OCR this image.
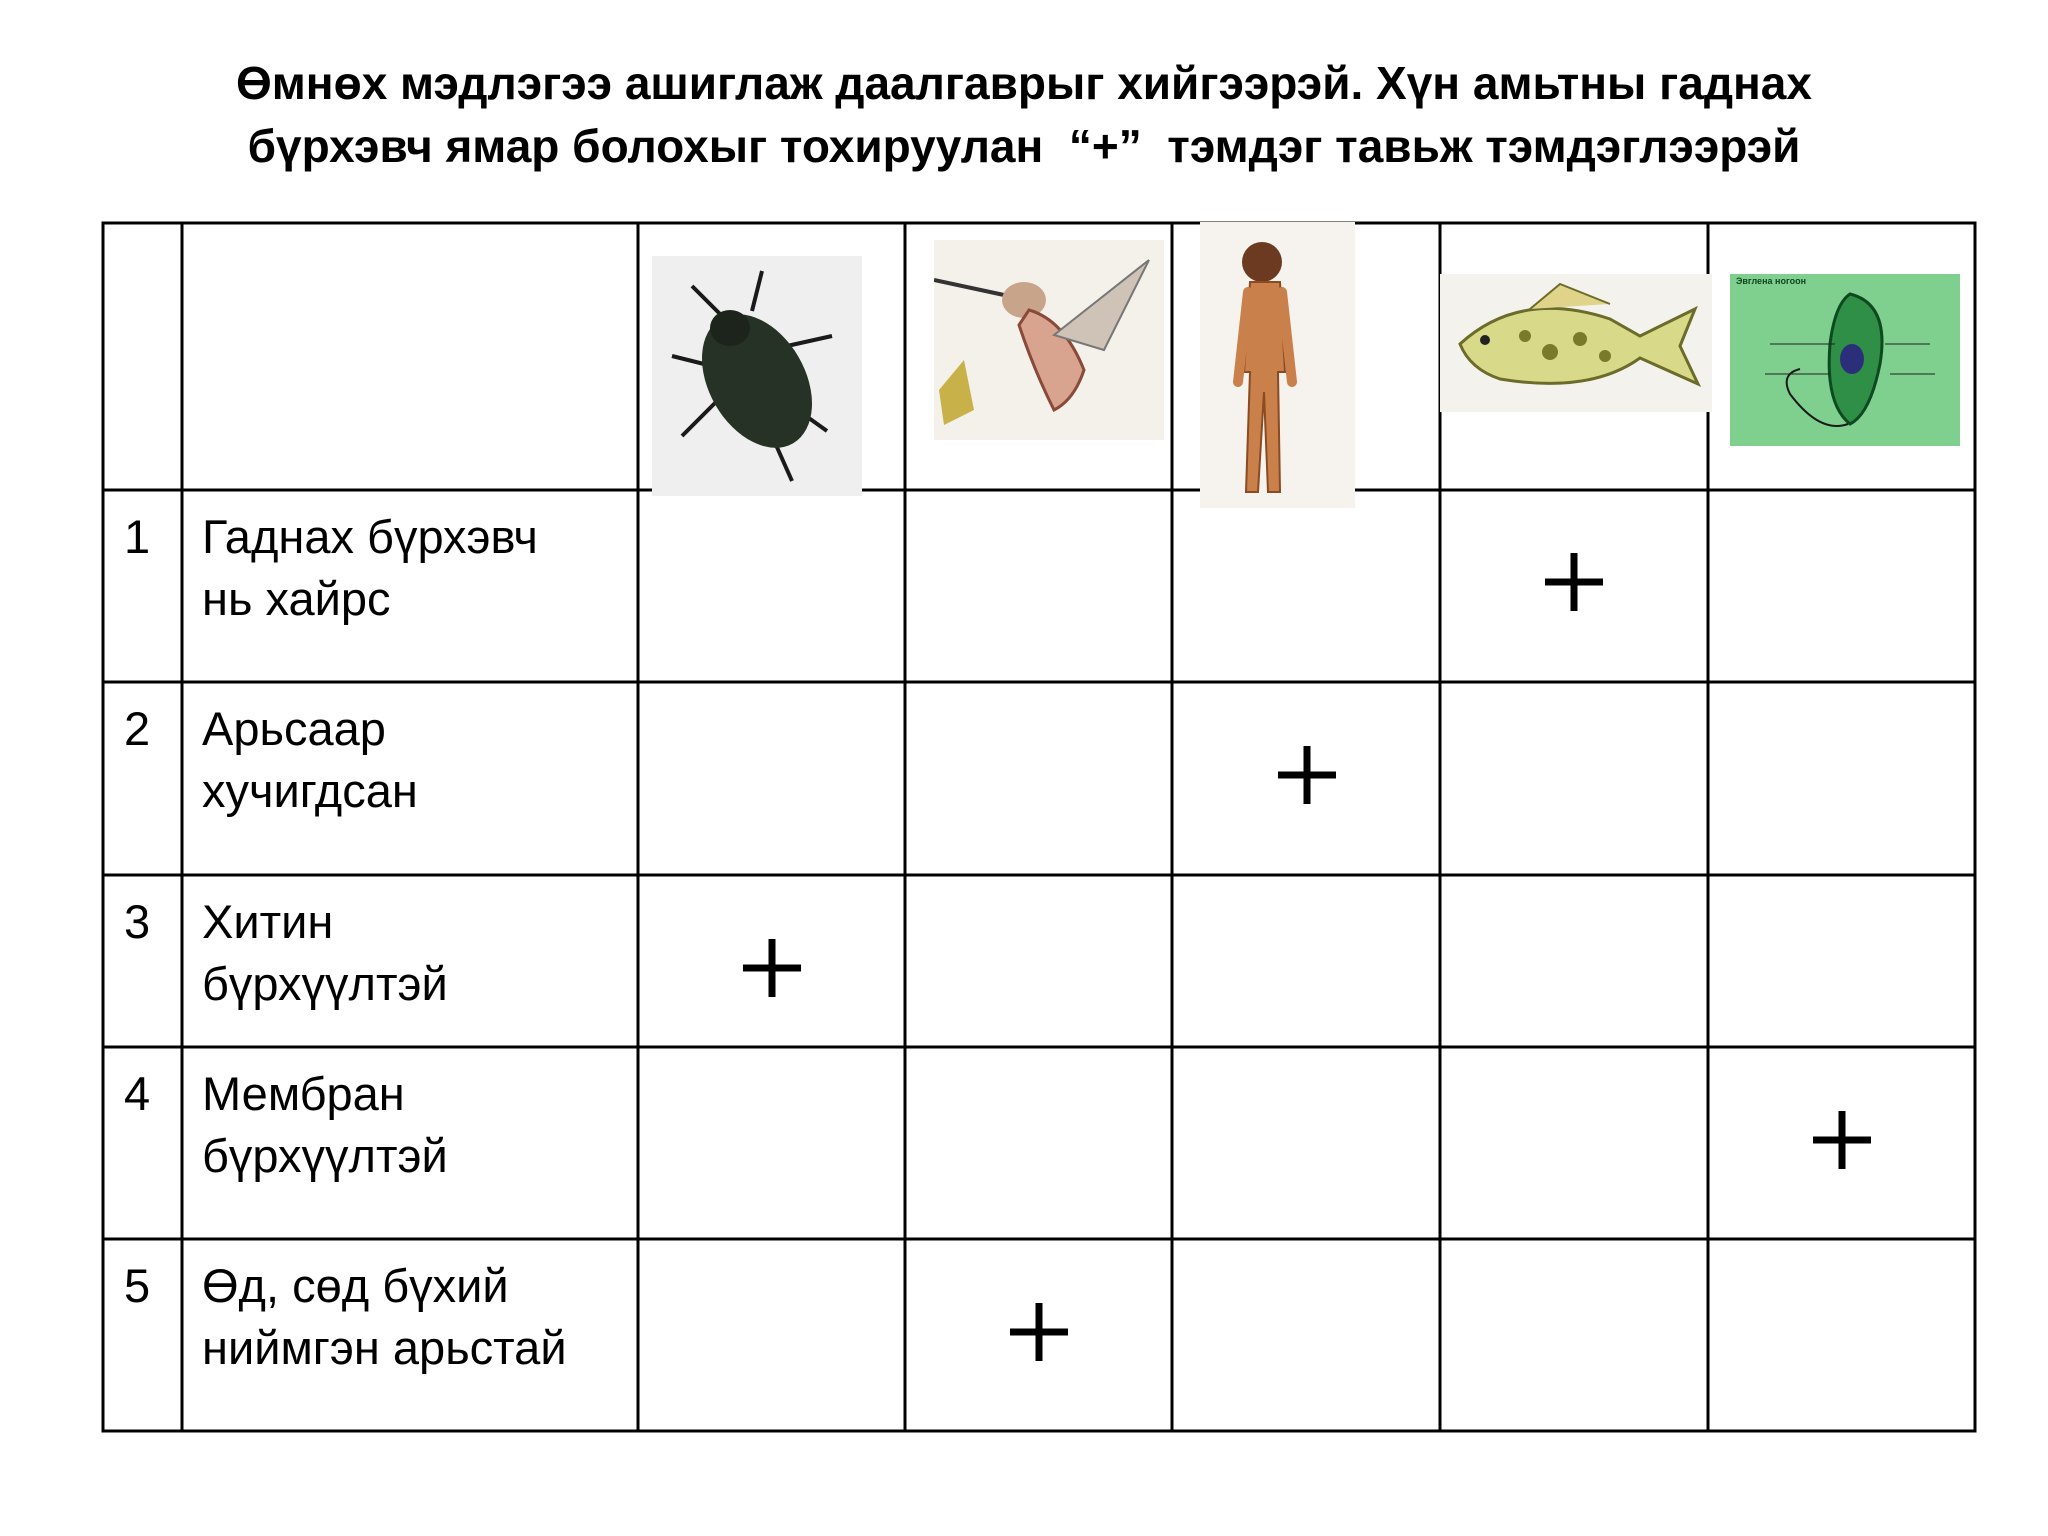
Өмнөх мэдлэгээ ашиглаж даалгаврыг хийгээрэй. Хүн амьтны гаднах
бүрхэвч ямар болохыг тохируулан  “+”  тэмдэг тавьж тэмдэглээрэй
Эвглена ногоон
1
2
3
4
5
Гаднах бүрхэвч
нь хайрс
Арьсаар
хучигдсан
Хитин
бүрхүүлтэй
Мембран
бүрхүүлтэй
Өд, сөд бүхий
ниймгэн арьстай
